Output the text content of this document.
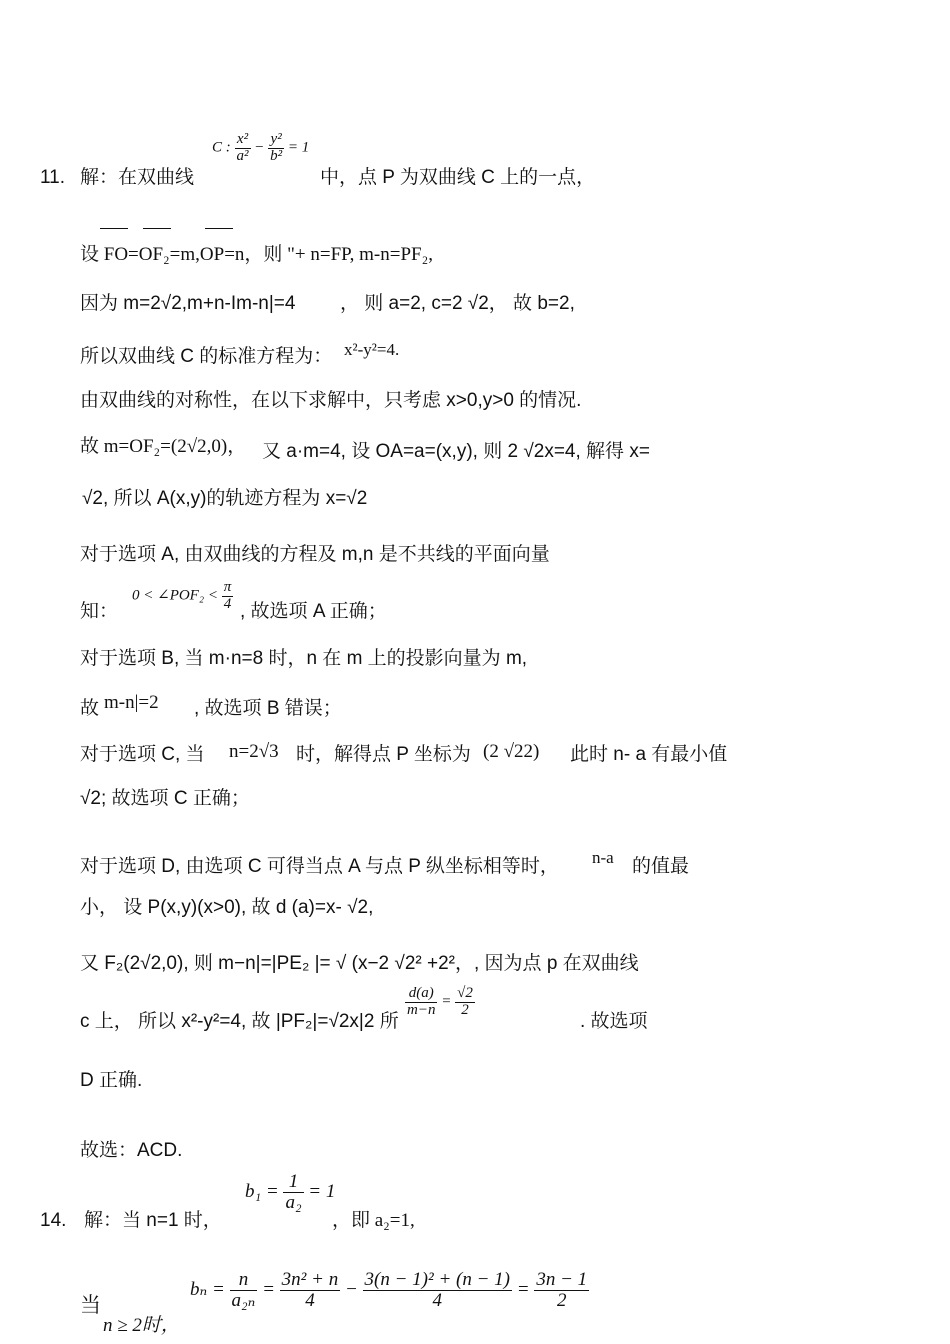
11. 解：在双曲线
C : $\frac{\text{x²}}{\text{a²}} - \frac{\text{y²}}{\text{b²}} = 1$
中，点 P 为双曲线 C 上的一点，
设 FO=OF₂=m,OP=n，则 "+ n=FP, m-n=PF₂,
因为 m=2√2,m+n-Im-n|=4 ， 则 a=2, c=2 √2， 故 b=2,
所以双曲线 C 的标准方程为： x²-y²=4.
由双曲线的对称性，在以下求解中，只考虑 x>0,y>0 的情况.
故 m=OF₂=(2√2,0)， 又 a·m=4, 设 OA=a=(x,y), 则 2 √2x=4, 解得 x=
√2, 所以 A(x,y)的轨迹方程为 x=√2
对于选项 A, 由双曲线的方程及 m,n 是不共线的平面向量
知：
0 < ∠POF₂ < $\frac{\pi}{4}$ , 故选项 A 正确；
对于选项 B, 当 m·n=8 时，n 在 m 上的投影向量为 m,
故 m-n|=2 , 故选项 B 错误；
对于选项 C, 当 n=2√3 时，解得点 P 坐标为 (2 √22) 此时 n- a 有最小值
√2; 故选项 C 正确；
对于选项 D, 由选项 C 可得当点 A 与点 P 纵坐标相等时， n-a 的值最
小， 设 P(x,y)(x>0), 故 d (a)=x- √2,
又 F₂(2√2,0), 则 m−n|=|PE₂ |= √ (x−2 √2² +2²，, 因为点 p 在双曲线
c 上， 所以 x²-y²=4, 故 |PF₂|=√2x|2 所
$\frac{d(a)}{m-n} = \frac{√2}{2}$
. 故选项
D 正确.
故选：ACD.
14. 解：当 n=1 时，
$b_1 = \frac{1}{\text{a₂}} = 1$
，即 a₂=1,
当
n ≥ 2时，
$b_n = \frac{n}{\text{a₂ₙ}} = \frac{\text{3n² + n}}{4} - \frac{\text{3(n − 1)² + (n − 1)}}{4} = \frac{3n - 1}{2}$
